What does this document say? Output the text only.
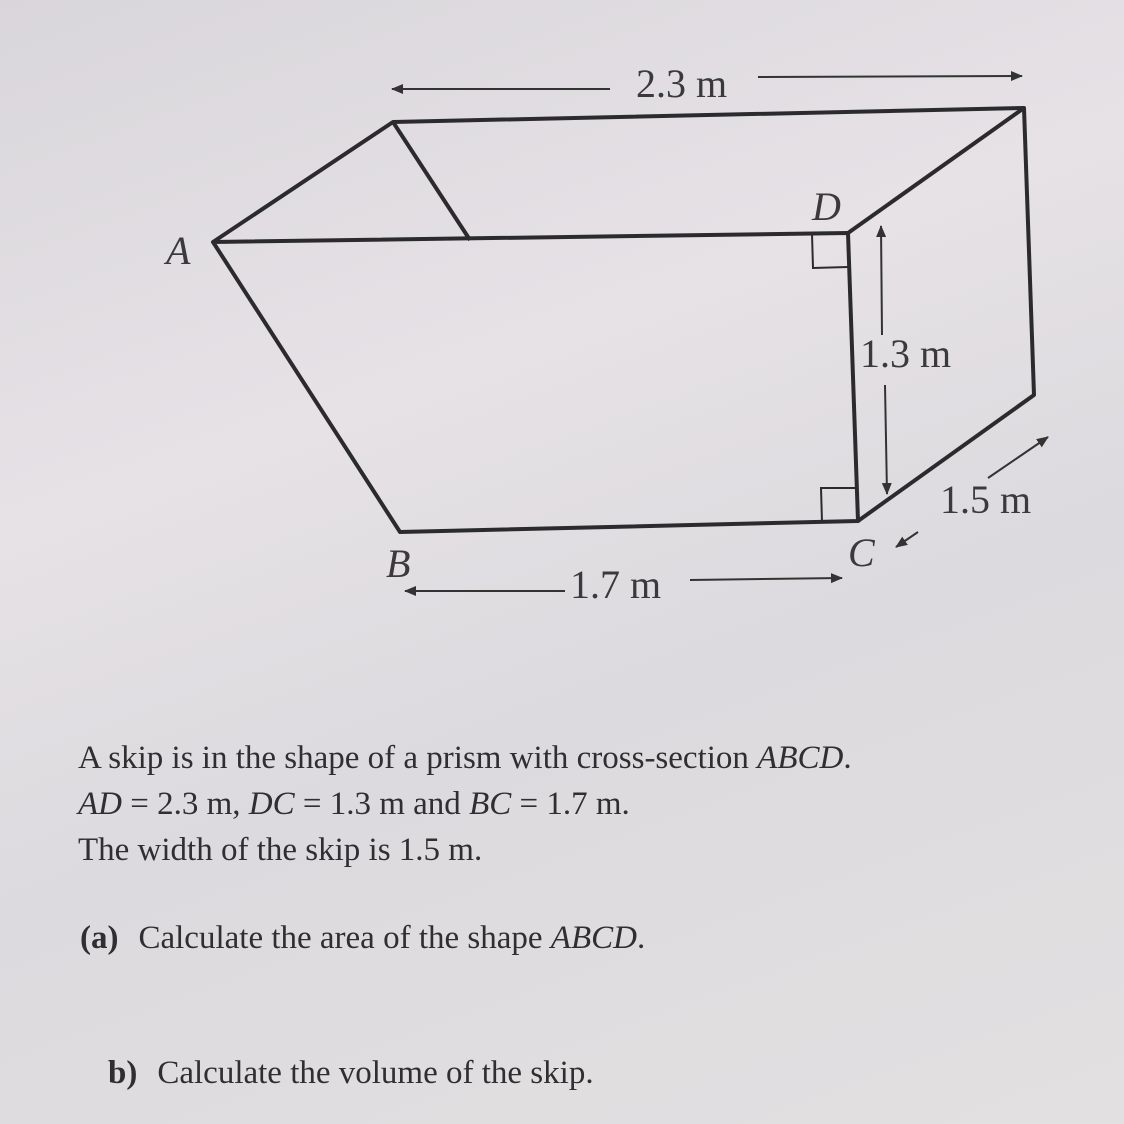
A
B	C
D
2.3 m
1.7 m
1.3 m
1.5 m
A skip is in the shape of a prism with cross-section ABCD.
AD = 2.3 m, DC = 1.3 m and BC = 1.7 m.
The width of the skip is 1.5 m.
(a) Calculate the area of the shape ABCD.
b) Calculate the volume of the skip.
